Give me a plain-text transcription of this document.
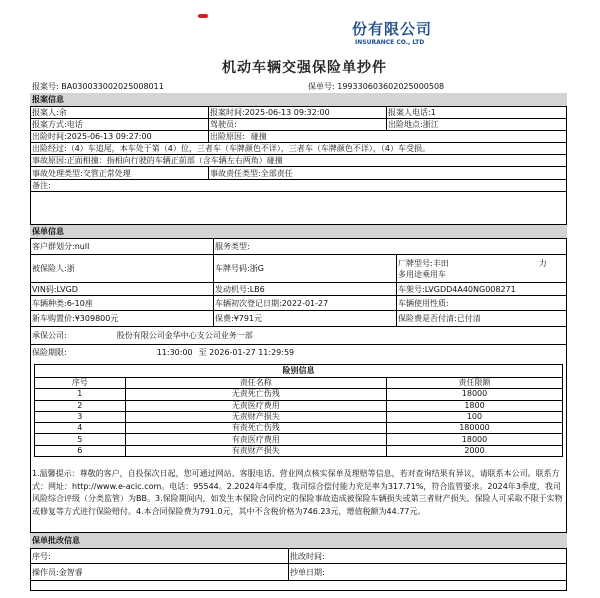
份有限公司
INSURANCE CO., LTD
机动车辆交强保险单抄件
报案号: BA030033002025008011	保单号: 199330603602025000508
报案信息
报案人: 余	报案时间: 2025-06-13 09:32:00	报案人电话: 1
报案方式: 电话	驾驶员:	出险地点: 浙江
出险时间: 2025-06-13 09:27:00	出险原因: 碰撞
出险经过: （4）车追尾，本车处于第（4）位，三者车（车牌颜色不详），三者车（车牌颜色不详），（4）车受损。
事故原因: 正面相撞：指相向行驶的车辆正前部（含车辆左右两角）碰撞
事故处理类型: 交管正常处理	事故责任类型: 全部责任
备注:
保单信息
客户群划分: null	服务类型:
被保险人: 浙	车牌号码: 浙G
厂牌型号:丰田	力
多用途乘用车
VIN码: LVGD	发动机号: LB6	车架号: LVGDD4A40NG008271
车辆种类: 6-10座	车辆初次登记日期: 2022-01-27	车辆使用性质:
新车购置价: ¥309800元	保费: ¥791元	保险费是否付清: 已付清
承保公司:	股份有限公司金华中心支公司业务一部
保险期限:	11:30:00 至 2026-01-27 11:29:59
险别信息		
序号	责任名称	责任限额
1	无责死亡伤残	18000
2	无责医疗费用	1800
3	无责财产损失	100
4	有责死亡伤残	180000
5	有责医疗费用	18000
6	有责财产损失	2000
1.温馨提示：尊敬的客户，自投保次日起，您可通过网站、客服电话、营业网点核实保单及理赔等信息，若对查询结果有异议，请联系本公司。联系方式：网址：http://www.e-acic.com。电话：95544。2.2024年4季度，我司综合偿付能力充足率为317.71%，符合监管要求。2024年3季度，我司风险综合评级（分类监管）为BB。3.保险期间内，如发生本保险合同约定的保险事故造成被保险车辆损失或第三者财产损失，保险人可采取不限于实物或修复等方式进行保险赔付。4.本合同保险费为791.0元，其中不含税价格为746.23元，增值税额为44.77元。
保单批改信息
序号:	批改时间:
操作员: 金智睿	抄单日期:
